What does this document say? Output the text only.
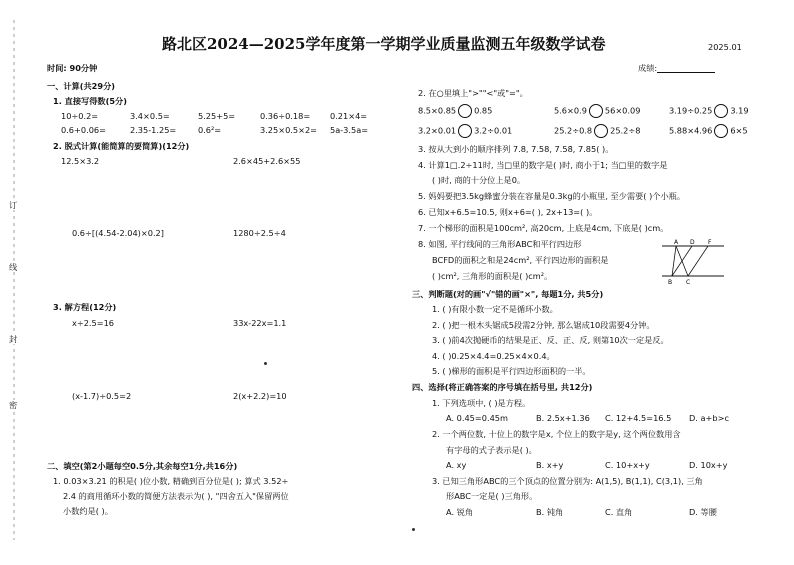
订
线
封
密
路北区2024—2025学年度第一学期学业质量监测五年级数学试卷	2025.01
时间: 90分钟	成绩:
一、计算(共29分)
1. 直接写得数(5分)
10÷0.2=	3.4×0.5=	5.25+5=	0.36÷0.18= 0.21×4=
0.6+0.06=	2.35-1.25=	0.6²=	3.25×0.5×2= 5a-3.5a=
2. 脱式计算(能简算的要简算)(12分)
12.5×3.2	2.6×45+2.6×55
0.6÷[(4.54-2.04)×0.2]	1280÷2.5÷4
3. 解方程(12分)
x÷2.5=16	33x-22x=1.1
(x-1.7)÷0.5=2	2(x+2.2)=10
二、填空(第2小题每空0.5分,其余每空1分,共16分)
1. 0.03×3.21 的积是( )位小数, 精确到百分位是( ); 算式 3.52÷
2.4 的商用循环小数的简便方法表示为( ), "四舍五入"保留两位
小数约是( )。
2. 在○里填上">""<"或"="。
8.5×0.85 0.85	5.6×0.9 56×0.09	3.19÷0.25 3.19
3.2×0.01 3.2÷0.01	25.2÷0.8 25.2÷8	5.88×4.96 6×5
3. 按从大到小的顺序排列 7.8, 7.58, 7.58̇, 7.85̇( )。
4. 计算1□.2÷11时, 当□里的数字是( )时, 商小于1; 当□里的数字是
( )时, 商的十分位上是0。
5. 妈妈要把3.5kg蜂蜜分装在容量是0.3kg的小瓶里, 至少需要( )个小瓶。
6. 已知x+6.5=10.5, 则x+6=( ), 2x+13=( )。
7. 一个梯形的面积是100cm², 高20cm, 上底是4cm, 下底是( )cm。
8. 如图, 平行线间的三角形ABC和平行四边形
BCFD的面积之和是24cm², 平行四边形的面积是
( )cm², 三角形的面积是( )cm²。
A D F
B C
三、判断题(对的画"√"错的画"×", 每题1分, 共5分)
1. ( )有限小数一定不是循环小数。
2. ( )把一根木头锯成5段需2分钟, 那么锯成10段需要4分钟。
3. ( )前4次抛硬币的结果是正、反、正、反, 则第10次一定是反。
4. ( )0.25×4.4=0.25×4×0.4。
5. ( )梯形的面积是平行四边形面积的一半。
四、选择(将正确答案的序号填在括号里, 共12分)
1. 下列选项中, ( )是方程。
A. 0.45=0.45m	B. 2.5x+1.36 C. 12+4.5=16.5 D. a+b>c
2. 一个两位数, 十位上的数字是x, 个位上的数字是y, 这个两位数用含
有字母的式子表示是( )。
A. xy	B. x+y	C. 10+x+y	D. 10x+y
3. 已知三角形ABC的三个顶点的位置分别为: A(1,5), B(1,1), C(3,1), 三角
形ABC一定是( )三角形。
A. 锐角	B. 钝角	C. 直角	D. 等腰
